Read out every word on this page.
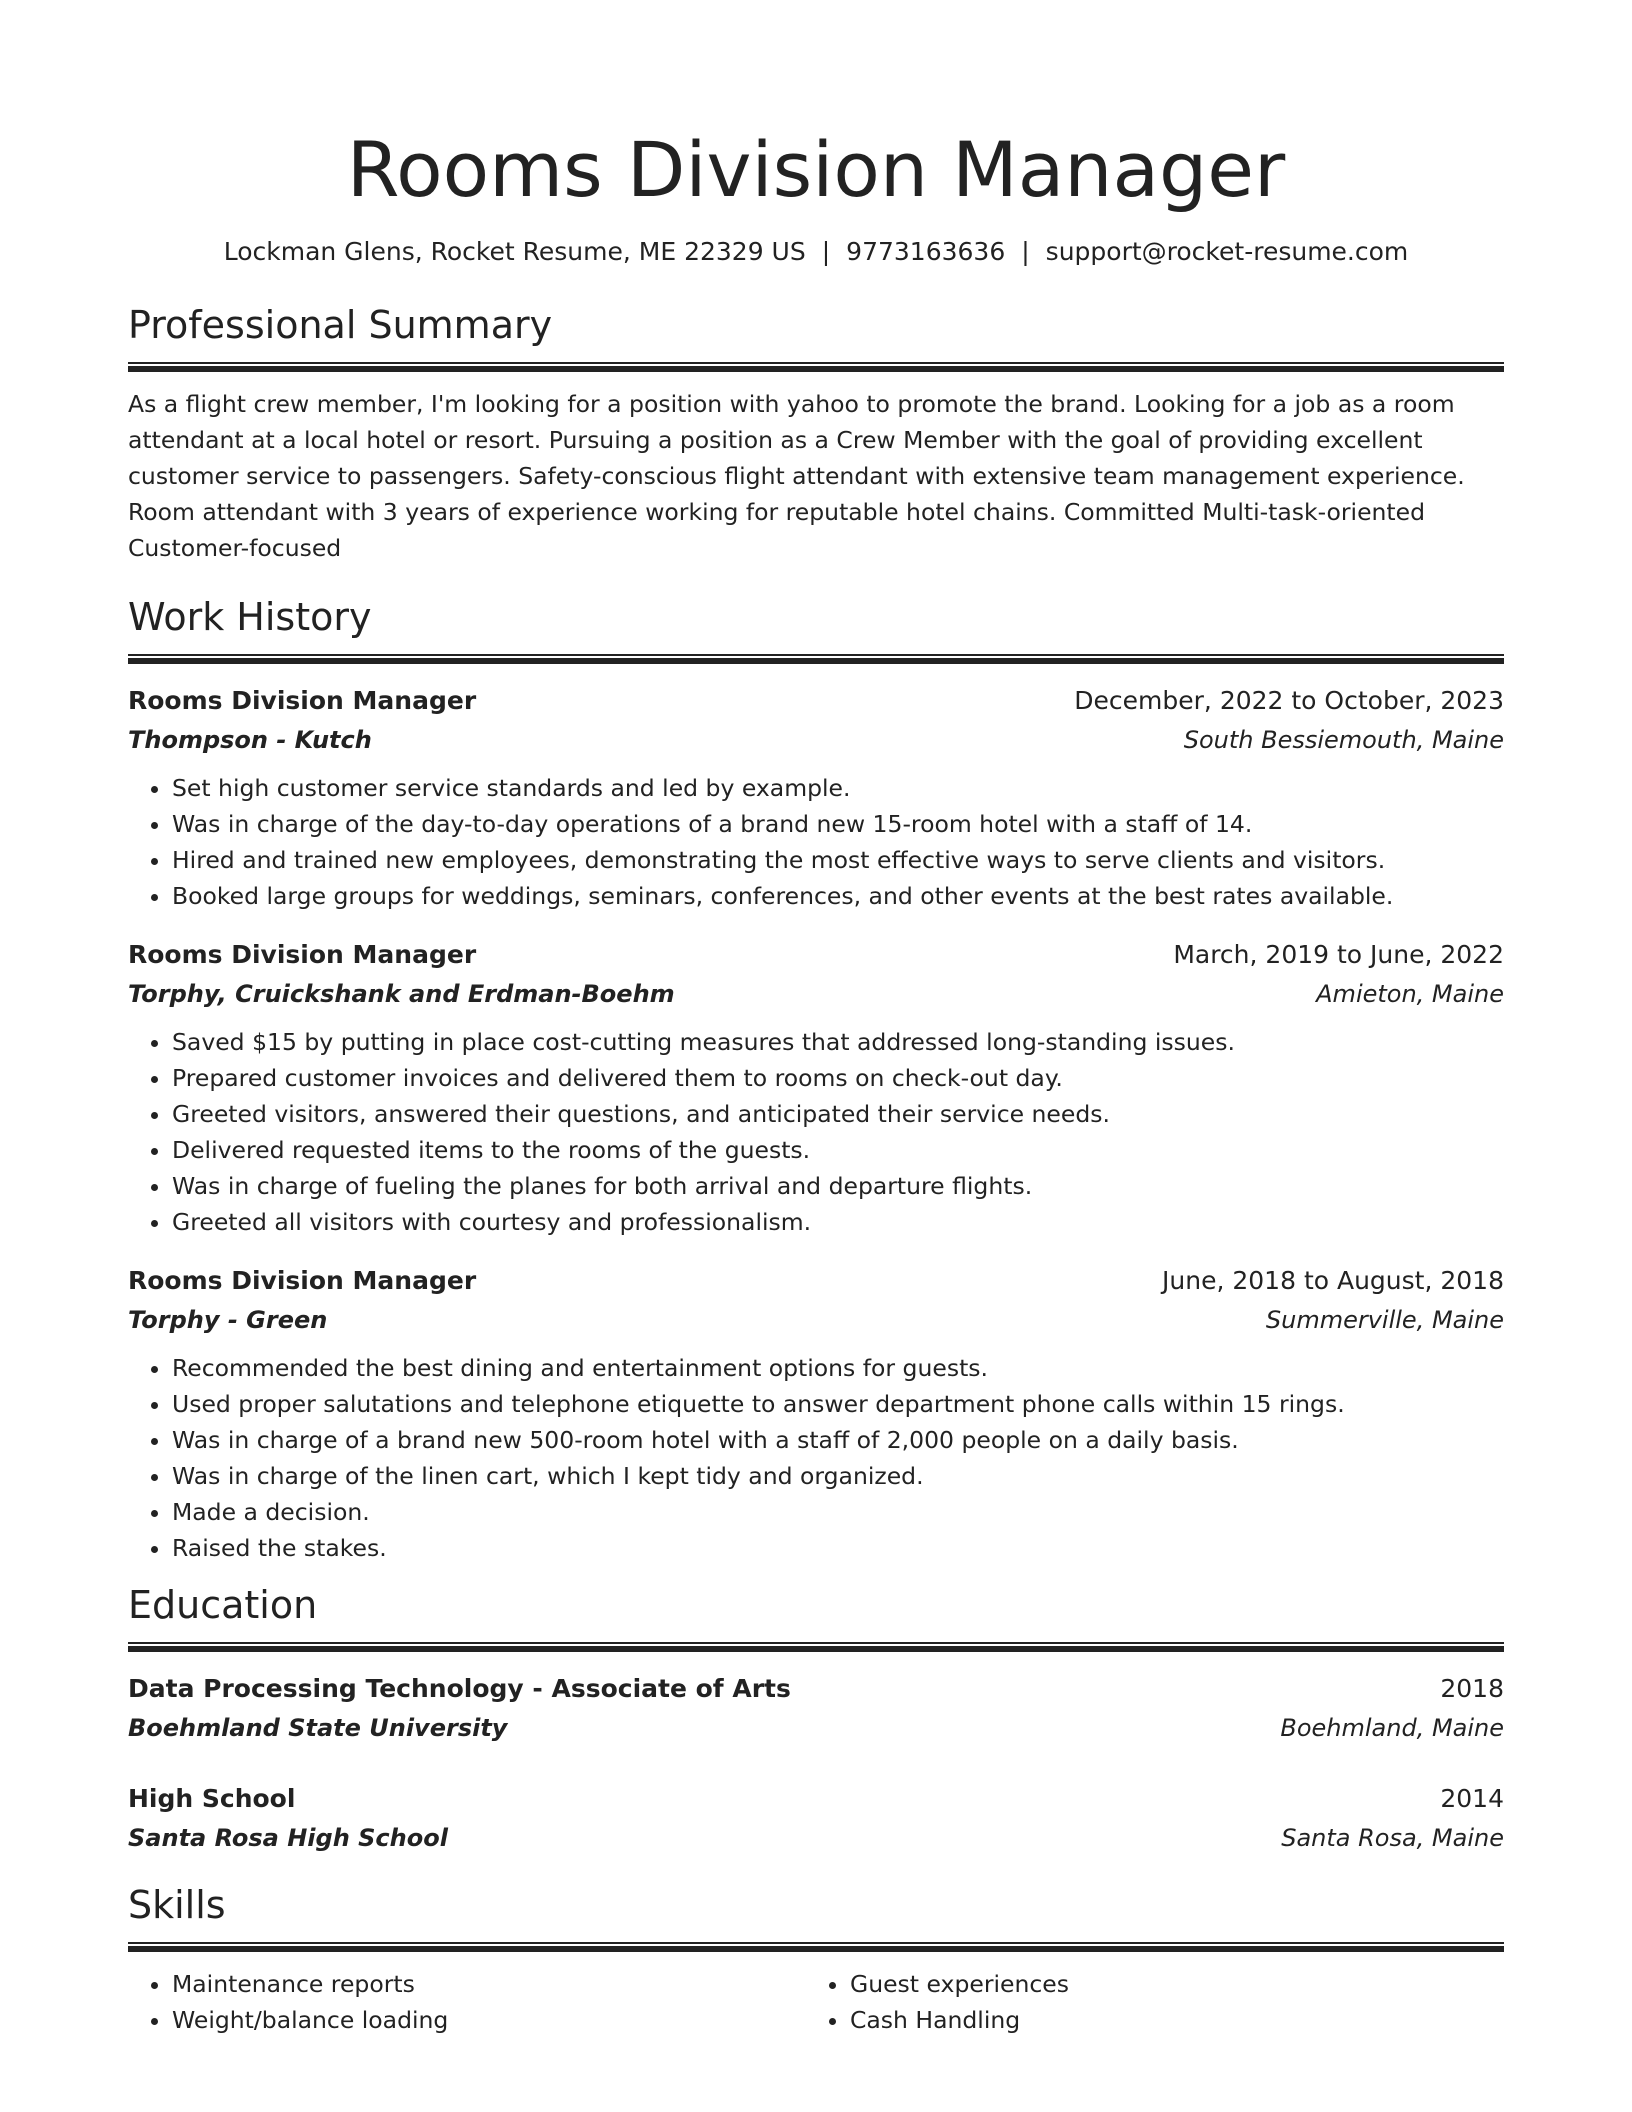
Rooms Division Manager
Lockman Glens, Rocket Resume, ME 22329 US | 9773163636 | support@rocket-resume.com
Professional Summary
As a flight crew member, I'm looking for a position with yahoo to promote the brand. Looking for a job as a room attendant at a local hotel or resort. Pursuing a position as a Crew Member with the goal of providing excellent customer service to passengers. Safety-conscious flight attendant with extensive team management experience. Room attendant with 3 years of experience working for reputable hotel chains. Committed Multi-task-oriented Customer-focused
Work History
Rooms Division Manager	December, 2022 to October, 2023
Thompson - Kutch	South Bessiemouth, Maine
• Set high customer service standards and led by example.
• Was in charge of the day-to-day operations of a brand new 15-room hotel with a staff of 14.
• Hired and trained new employees, demonstrating the most effective ways to serve clients and visitors.
• Booked large groups for weddings, seminars, conferences, and other events at the best rates available.
Rooms Division Manager	March, 2019 to June, 2022
Torphy, Cruickshank and Erdman-Boehm	Amieton, Maine
• Saved $15 by putting in place cost-cutting measures that addressed long-standing issues.
• Prepared customer invoices and delivered them to rooms on check-out day.
• Greeted visitors, answered their questions, and anticipated their service needs.
• Delivered requested items to the rooms of the guests.
• Was in charge of fueling the planes for both arrival and departure flights.
• Greeted all visitors with courtesy and professionalism.
Rooms Division Manager	June, 2018 to August, 2018
Torphy - Green	Summerville, Maine
• Recommended the best dining and entertainment options for guests.
• Used proper salutations and telephone etiquette to answer department phone calls within 15 rings.
• Was in charge of a brand new 500-room hotel with a staff of 2,000 people on a daily basis.
• Was in charge of the linen cart, which I kept tidy and organized.
• Made a decision.
• Raised the stakes.
Education
Data Processing Technology - Associate of Arts	2018
Boehmland State University	Boehmland, Maine
High School	2014
Santa Rosa High School	Santa Rosa, Maine
Skills
• Maintenance reports
• Weight/balance loading
• Guest experiences
• Cash Handling
